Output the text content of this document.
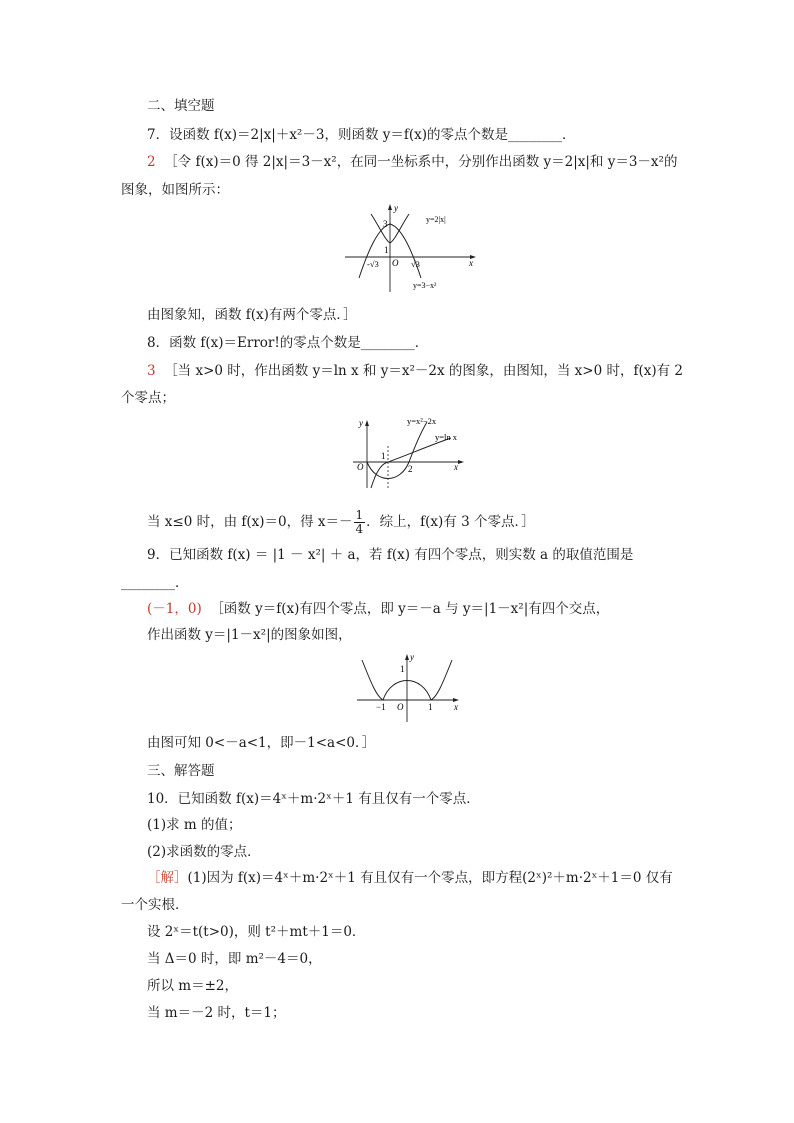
二、填空题
7．设函数 f(x)＝2|x|＋x²－3，则函数 y＝f(x)的零点个数是________．
2 ［令 f(x)＝0 得 2|x|＝3－x²，在同一坐标系中，分别作出函数 y＝2|x|和 y＝3－x²的
图象，如图所示：
y
x
3
1
O
-√3	√3
y=2|x|
y=3−x²
由图象知，函数 f(x)有两个零点．］
8．函数 f(x)＝Error!的零点个数是________．
3 ［当 x>0 时，作出函数 y＝ln x 和 y＝x²－2x 的图象，由图知，当 x>0 时，f(x)有 2
个零点；
y
x
O
1
2
y=x²−2x
y=ln x
当 x≤0 时，由 f(x)＝0，得 $x=- \frac{1}{4}$ ．综上，f(x)有 3 个零点．］
9．已知函数 f(x) ＝ |1 － x²| ＋ a，若 f(x) 有四个零点，则实数 a 的取值范围是
________．
(－1，0) ［函数 y＝f(x)有四个零点，即 y＝－a 与 y＝|1－x²|有四个交点，
作出函数 y＝|1－x²|的图象如图，
y
x
1
O
−1	1
由图可知 0<－a<1，即－1<a<0．］
三、解答题
10．已知函数 f(x)＝4ˣ＋m·2ˣ＋1 有且仅有一个零点．
(1)求 m 的值；
(2)求函数的零点．
［解］(1)因为 f(x)＝4ˣ＋m·2ˣ＋1 有且仅有一个零点，即方程(2ˣ)²＋m·2ˣ＋1＝0 仅有
一个实根．
设 2ˣ＝t(t>0)，则 t²＋mt＋1＝0．
当 Δ＝0 时，即 m²－4＝0，
所以 m＝±2，
当 m＝－2 时，t＝1；
